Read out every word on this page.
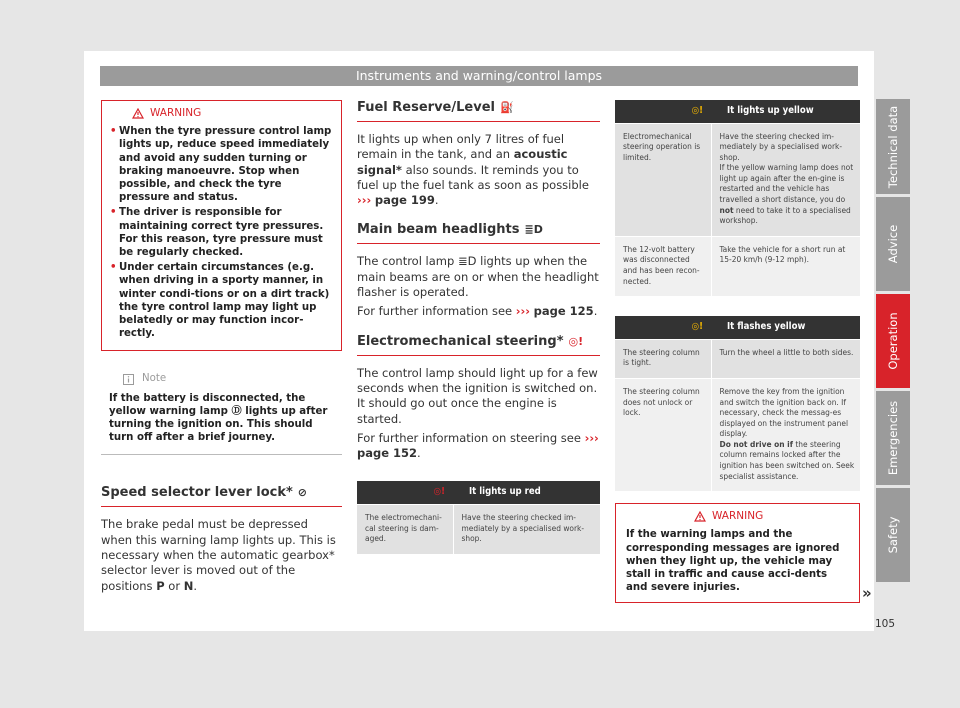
Instruments and warning/control lamps
WARNING
• When the tyre pressure control lamp lights up, reduce speed immediately and avoid any sudden turning or braking manoeuvre. Stop when possible, and check the tyre pressure and status.
• The driver is responsible for maintaining correct tyre pressures. For this reason, tyre pressure must be regularly checked.
• Under certain circumstances (e.g. when driving in a sporty manner, in winter condi-tions or on a dirt track) the tyre control lamp may light up belatedly or may function incor-rectly.
Note
If the battery is disconnected, the yellow warning lamp Ⓓ lights up after turning the ignition on. This should turn off after a brief journey.
Speed selector lever lock* ⊘
The brake pedal must be depressed when this warning lamp lights up. This is necessary when the automatic gearbox* selector lever is moved out of the positions P or N.
Fuel Reserve/Level ⛽
It lights up when only 7 litres of fuel remain in the tank, and an acoustic signal* also sounds. It reminds you to fuel up the fuel tank as soon as possible ››› page 199.
Main beam headlights ≣D
The control lamp ≣D lights up when the main beams are on or when the headlight flasher is operated.
For further information see ››› page 125.
Electromechanical steering* ◎!
The control lamp should light up for a few seconds when the ignition is switched on. It should go out once the engine is started.
For further information on steering see ››› page 152.
◎!	It lights up red
The electromechani-cal steering is dam-aged.	Have the steering checked im-mediately by a specialised work-shop.
◎!	It lights up yellow
Electromechanical steering operation is limited.	Have the steering checked im-mediately by a specialised work-shop.
If the yellow warning lamp does not light up again after the en-gine is restarted and the vehicle has travelled a short distance, you do not need to take it to a specialised workshop.
The 12-volt battery was disconnected and has been recon-nected.	Take the vehicle for a short run at 15-20 km/h (9-12 mph).
◎!	It flashes yellow
The steering column is tight.	Turn the wheel a little to both sides.
The steering column does not unlock or lock.	Remove the key from the ignition and switch the ignition back on. If necessary, check the messag-es displayed on the instrument panel display.
Do not drive on if the steering column remains locked after the ignition has been switched on. Seek specialist assistance.
WARNING
If the warning lamps and the corresponding messages are ignored when they light up, the vehicle may stall in traffic and cause acci-dents and severe injuries.	»
Technical data
Advice
Operation
Emergencies
Safety
105
